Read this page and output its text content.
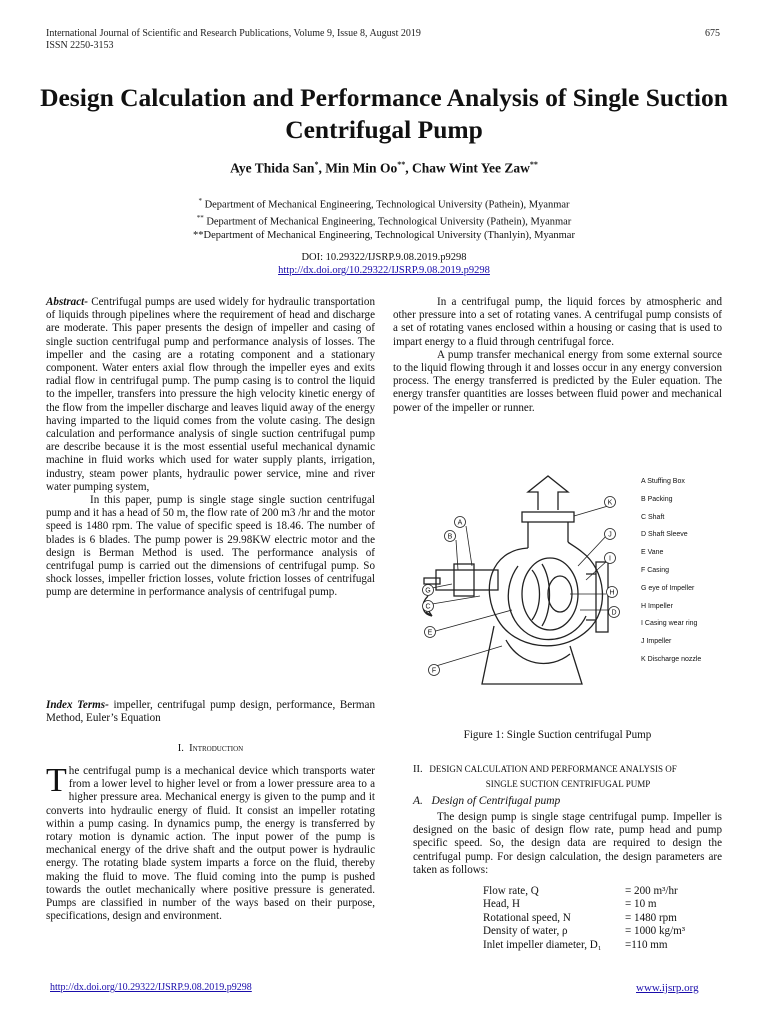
International Journal of Scientific and Research Publications, Volume 9, Issue 8, August 2019
ISSN 2250-3153
675
Design Calculation and Performance Analysis of Single Suction Centrifugal Pump
Aye Thida San*, Min Min Oo**, Chaw Wint Yee Zaw**
* Department of Mechanical Engineering, Technological University (Pathein), Myanmar
** Department of Mechanical Engineering, Technological University (Pathein), Myanmar
**Department of Mechanical Engineering, Technological University (Thanlyin), Myanmar
DOI: 10.29322/IJSRP.9.08.2019.p9298
http://dx.doi.org/10.29322/IJSRP.9.08.2019.p9298

Abstract- Centrifugal pumps are used widely for hydraulic transportation of liquids through pipelines where the requirement of head and discharge are moderate. This paper presents the design of impeller and casing of single suction centrifugal pump and performance analysis of losses. The impeller and the casing are a rotating component and a stationary component. Water enters axial flow through the impeller eyes and exits radial flow in centrifugal pump. The pump casing is to control the liquid to the impeller, transfers into pressure the high velocity kinetic energy of the flow from the impeller discharge and leaves liquid away of the energy having imparted to the liquid comes from the volute casing. The design calculation and performance analysis of single suction centrifugal pump are describe because it is the most essential useful mechanical dynamic machine in fluid works which used for water supply plants, irrigation, industry, steam power plants, hydraulic power service, mine and river water pumping system,

In this paper, pump is single stage single suction centrifugal pump and it has a head of 50 m, the flow rate of 200 m3 /hr and the motor speed is 1480 rpm. The value of specific speed is 18.46. The number of blades is 6 blades. The pump power is 29.98KW electric motor and the design is Berman Method is used. The performance analysis of centrifugal pump is carried out the dimensions of centrifugal pump. So shock losses, impeller friction losses, volute friction losses of centrifugal pump are determine in performance analysis of centrifugal pump.

Index Terms- impeller, centrifugal pump design, performance, Berman Method, Euler’s Equation

I. Introduction

The centrifugal pump is a mechanical device which transports water from a lower level to higher level or from a lower pressure area to a higher pressure area. Mechanical energy is given to the pump and it converts into hydraulic energy of fluid. It consist an impeller rotating within a pump casing. In dynamics pump, the energy is transferred by rotary motion is dynamic action. The input power of the pump is mechanical energy of the drive shaft and the output power is hydraulic energy. The rotating blade system imparts a force on the fluid, thereby making the fluid to move. The fluid coming into the pump is pushed towards the outlet mechanically where positive pressure is generated. Pumps are classified in number of the ways based on their purpose, specifications, design and environment.

In a centrifugal pump, the liquid forces by atmospheric and other pressure into a set of rotating vanes. A centrifugal pump consists of a set of rotating vanes enclosed within a housing or casing that is used to impart energy to a fluid through centrifugal force.

A pump transfer mechanical energy from some external source to the liquid flowing through it and losses occur in any energy conversion process. The energy transferred is predicted by the Euler equation. The energy transfer quantities are losses between fluid power and mechanical power of the impeller or runner.

A
B
G
C
E
F
K
J
I
H
D
A Stuffing Box
B Packing
C Shaft
D Shaft Sleeve
E Vane
F Casing
G eye of Impeller
H Impeller
I Casing wear ring
J Impeller
K Discharge nozzle
Figure 1: Single Suction centrifugal Pump
II. DESIGN CALCULATION AND PERFORMANCE ANALYSIS OF
SINGLE SUCTION CENTRIFUGAL PUMP
A. Design of Centrifugal pump

The design pump is single stage centrifugal pump. Impeller is designed on the basic of design flow rate, pump head and pump specific speed. So, the design data are required to design the centrifugal pump. For design calculation, the design parameters are taken as follows:

Flow rate, Q	= 200 m³/hr
Head, H	= 10 m
Rotational speed, N	= 1480 rpm
Density of water, ρ	= 1000 kg/m³
Inlet impeller diameter, D₁ =110 mm
http://dx.doi.org/10.29322/IJSRP.9.08.2019.p9298	www.ijsrp.org
